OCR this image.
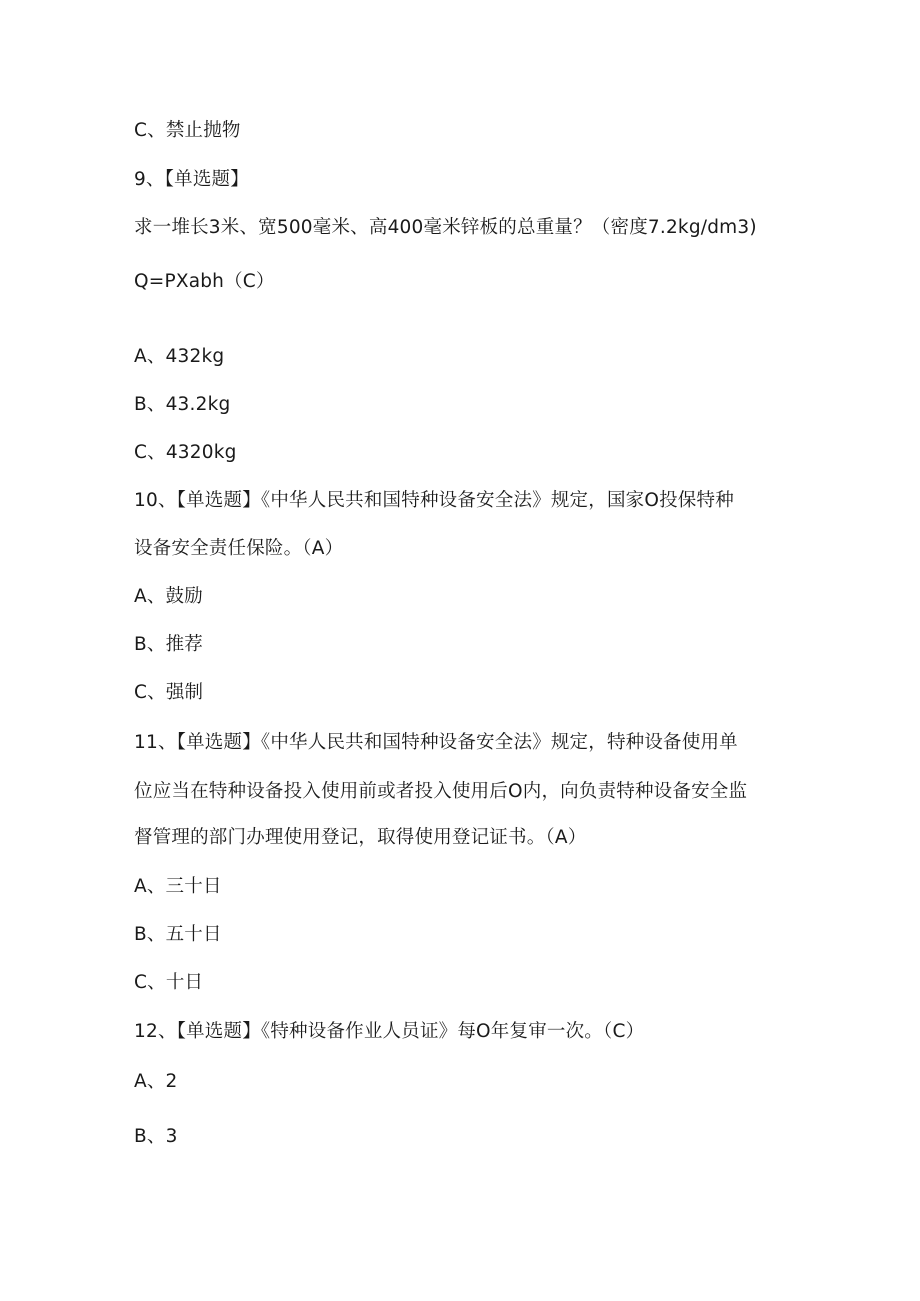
C、禁止抛物
9、【单选题】
求一堆长3米、宽500毫米、高400毫米锌板的总重量？（密度7.2kg∕dm3)
Q=PXabh（C）
A、432kg
B、43.2kg
C、4320kg
10、【单选题】《中华人民共和国特种设备安全法》规定，国家O投保特种
设备安全责任保险。（A）
A、鼓励
B、推荐
C、强制
11、【单选题】《中华人民共和国特种设备安全法》规定，特种设备使用单
位应当在特种设备投入使用前或者投入使用后O内，向负责特种设备安全监
督管理的部门办理使用登记，取得使用登记证书。（A）
A、三十日
B、五十日
C、十日
12、【单选题】《特种设备作业人员证》每O年复审一次。（C）
A、2
B、3
